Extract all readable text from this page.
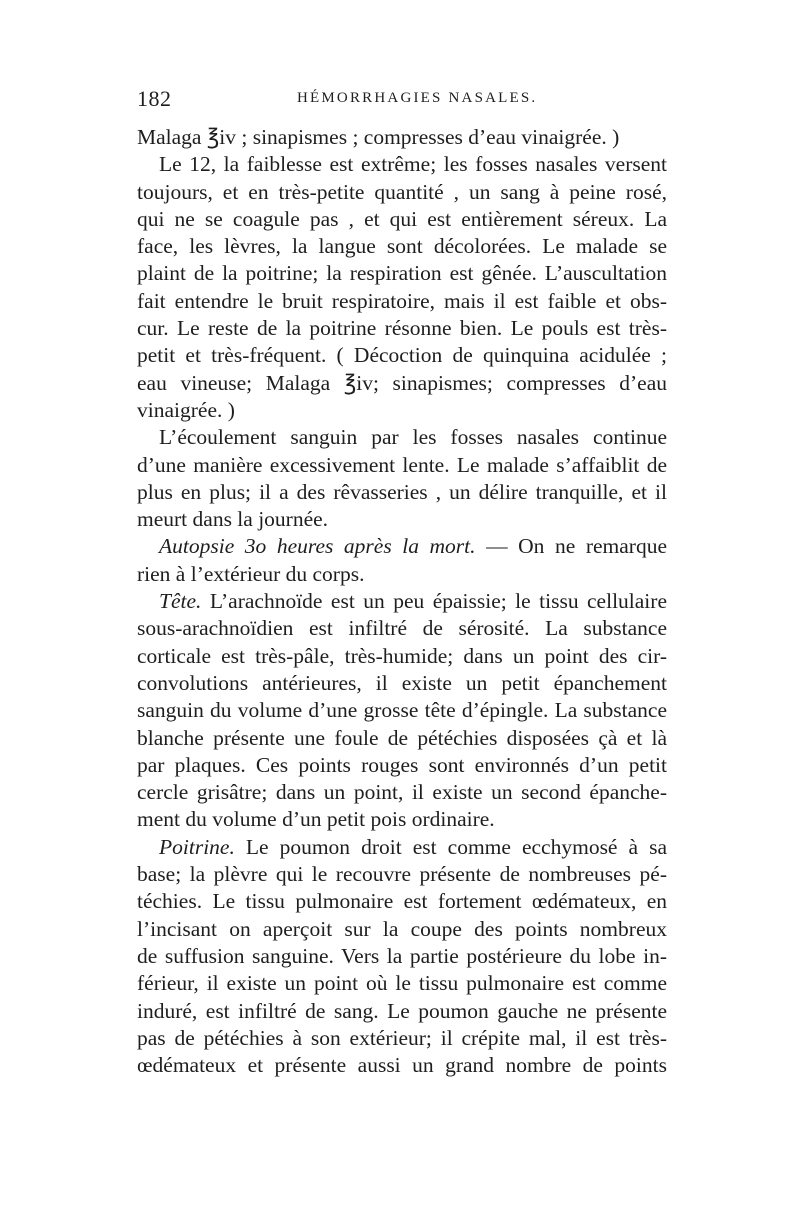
182	HÉMORRHAGIES NASALES.
Malaga ℥iv ; sinapismes ; compresses d’eau vinaigrée. )
Le 12, la faiblesse est extrême; les fosses nasales versent
toujours, et en très-petite quantité , un sang à peine rosé,
qui ne se coagule pas , et qui est entièrement séreux. La
face, les lèvres, la langue sont décolorées. Le malade se
plaint de la poitrine; la respiration est gênée. L’auscultation
fait entendre le bruit respiratoire, mais il est faible et obs-
cur. Le reste de la poitrine résonne bien. Le pouls est très-
petit et très-fréquent. ( Décoction de quinquina acidulée ;
eau vineuse; Malaga ℥iv; sinapismes; compresses d’eau
vinaigrée. )
L’écoulement sanguin par les fosses nasales continue
d’une manière excessivement lente. Le malade s’affaiblit de
plus en plus; il a des rêvasseries , un délire tranquille, et il
meurt dans la journée.
Autopsie 3o heures après la mort. — On ne remarque
rien à l’extérieur du corps.
Tête. L’arachnoïde est un peu épaissie; le tissu cellulaire
sous-arachnoïdien est infiltré de sérosité. La substance
corticale est très-pâle, très-humide; dans un point des cir-
convolutions antérieures, il existe un petit épanchement
sanguin du volume d’une grosse tête d’épingle. La substance
blanche présente une foule de pétéchies disposées çà et là
par plaques. Ces points rouges sont environnés d’un petit
cercle grisâtre; dans un point, il existe un second épanche-
ment du volume d’un petit pois ordinaire.
Poitrine. Le poumon droit est comme ecchymosé à sa
base; la plèvre qui le recouvre présente de nombreuses pé-
téchies. Le tissu pulmonaire est fortement œdémateux, en
l’incisant on aperçoit sur la coupe des points nombreux
de suffusion sanguine. Vers la partie postérieure du lobe in-
férieur, il existe un point où le tissu pulmonaire est comme
induré, est infiltré de sang. Le poumon gauche ne présente
pas de pétéchies à son extérieur; il crépite mal, il est très-
œdémateux et présente aussi un grand nombre de points
